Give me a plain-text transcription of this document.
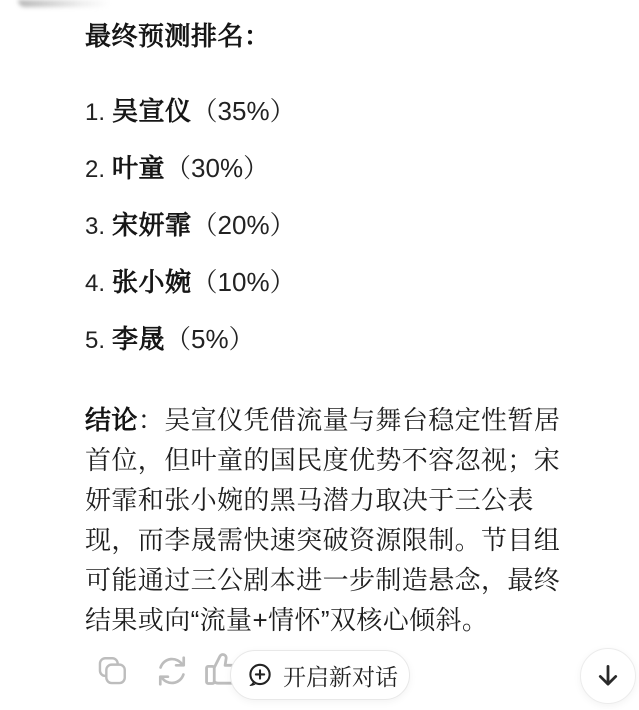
最终预测排名：
1. 吴宣仪（35%）
2. 叶童（30%）
3. 宋妍霏（20%）
4. 张小婉（10%）
5. 李晟（5%）
结论：吴宣仪凭借流量与舞台稳定性暂居
首位，但叶童的国民度优势不容忽视；宋
妍霏和张小婉的黑马潜力取决于三公表
现，而李晟需快速突破资源限制。节目组
可能通过三公剧本进一步制造悬念，最终
结果或向“流量+情怀”双核心倾斜。
开启新对话
